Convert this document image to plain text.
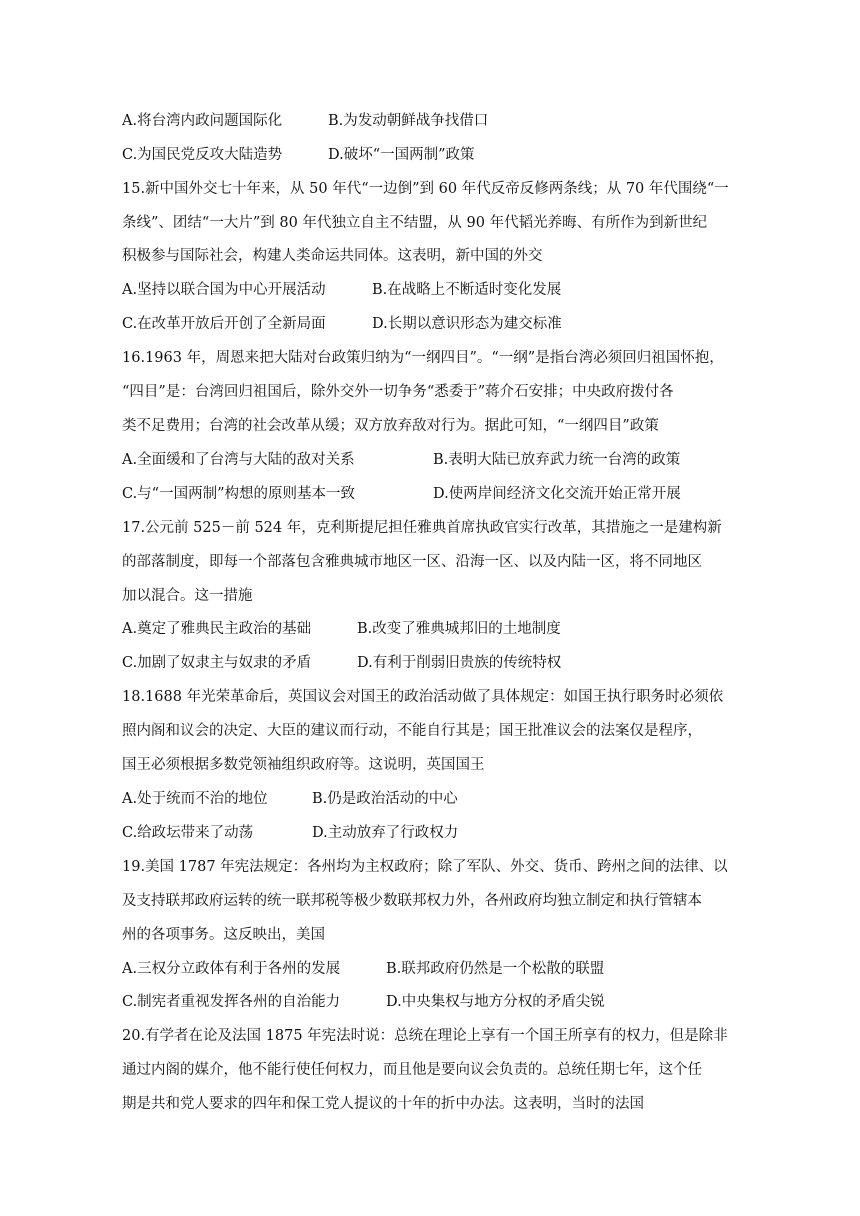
A.将台湾内政问题国际化	B.为发动朝鲜战争找借口
C.为国民党反攻大陆造势	D.破坏“一国两制”政策
15.新中国外交七十年来，从 50 年代“一边倒”到 60 年代反帝反修两条线；从 70 年代围绕“一
条线”、团结“一大片”到 80 年代独立自主不结盟，从 90 年代韬光养晦、有所作为到新世纪
积极参与国际社会，构建人类命运共同体。这表明，新中国的外交
A.坚持以联合国为中心开展活动	B.在战略上不断适时变化发展
C.在改革开放后开创了全新局面	D.长期以意识形态为建交标准
16.1963 年，周恩来把大陆对台政策归纳为“一纲四目”。“一纲”是指台湾必须回归祖国怀抱，
“四目”是：台湾回归祖国后，除外交外一切争务“悉委于”蒋介石安排；中央政府拨付各
类不足费用；台湾的社会改革从缓；双方放弃敌对行为。据此可知，“一纲四目”政策
A.全面缓和了台湾与大陆的敌对关系	B.表明大陆已放弃武力统一台湾的政策
C.与“一国两制”构想的原则基本一致	D.使两岸间经济文化交流开始正常开展
17.公元前 525－前 524 年，克利斯提尼担任雅典首席执政官实行改革，其措施之一是建构新
的部落制度，即每一个部落包含雅典城市地区一区、沿海一区、以及内陆一区，将不同地区
加以混合。这一措施
A.奠定了雅典民主政治的基础	B.改变了雅典城邦旧的土地制度
C.加剧了奴隶主与奴隶的矛盾	D.有利于削弱旧贵族的传统特权
18.1688 年光荣革命后，英国议会对国王的政治活动做了具体规定：如国王执行职务时必须依
照内阁和议会的决定、大臣的建议而行动，不能自行其是；国王批准议会的法案仅是程序，
国王必须根据多数党领袖组织政府等。这说明，英国国王
A.处于统而不治的地位	B.仍是政治活动的中心
C.给政坛带来了动荡	D.主动放弃了行政权力
19.美国 1787 年宪法规定：各州均为主权政府；除了军队、外交、货币、跨州之间的法律、以
及支持联邦政府运转的统一联邦税等极少数联邦权力外，各州政府均独立制定和执行管辖本
州的各项事务。这反映出，美国
A.三权分立政体有利于各州的发展	B.联邦政府仍然是一个松散的联盟
C.制宪者重视发挥各州的自治能力	D.中央集权与地方分权的矛盾尖锐
20.有学者在论及法国 1875 年宪法时说：总统在理论上享有一个国王所享有的权力，但是除非
通过内阁的媒介，他不能行使任何权力，而且他是要向议会负责的。总统任期七年，这个任
期是共和党人要求的四年和保工党人提议的十年的折中办法。这表明，当时的法国
